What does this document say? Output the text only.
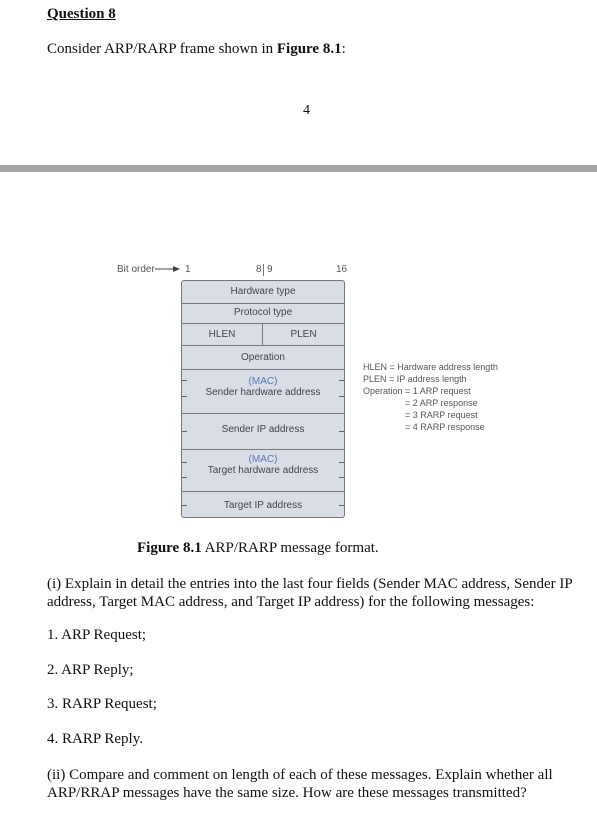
Question 8
Consider ARP/RARP frame shown in Figure 8.1:
4
Bit order	1	8 9	16
Hardware type
Protocol type
HLEN	PLEN
Operation
(MAC)
Sender hardware address
Sender IP address
(MAC)
Target hardware address
Target IP address
HLEN = Hardware address length
PLEN = IP address length
Operation = 1 ARP request
= 2 ARP response
= 3 RARP request
= 4 RARP response
Figure 8.1 ARP/RARP message format.
(i) Explain in detail the entries into the last four fields (Sender MAC address, Sender IP address, Target MAC address, and Target IP address) for the following messages:
1. ARP Request;
2. ARP Reply;
3. RARP Request;
4. RARP Reply.
(ii) Compare and comment on length of each of these messages. Explain whether all ARP/RRAP messages have the same size. How are these messages transmitted?
